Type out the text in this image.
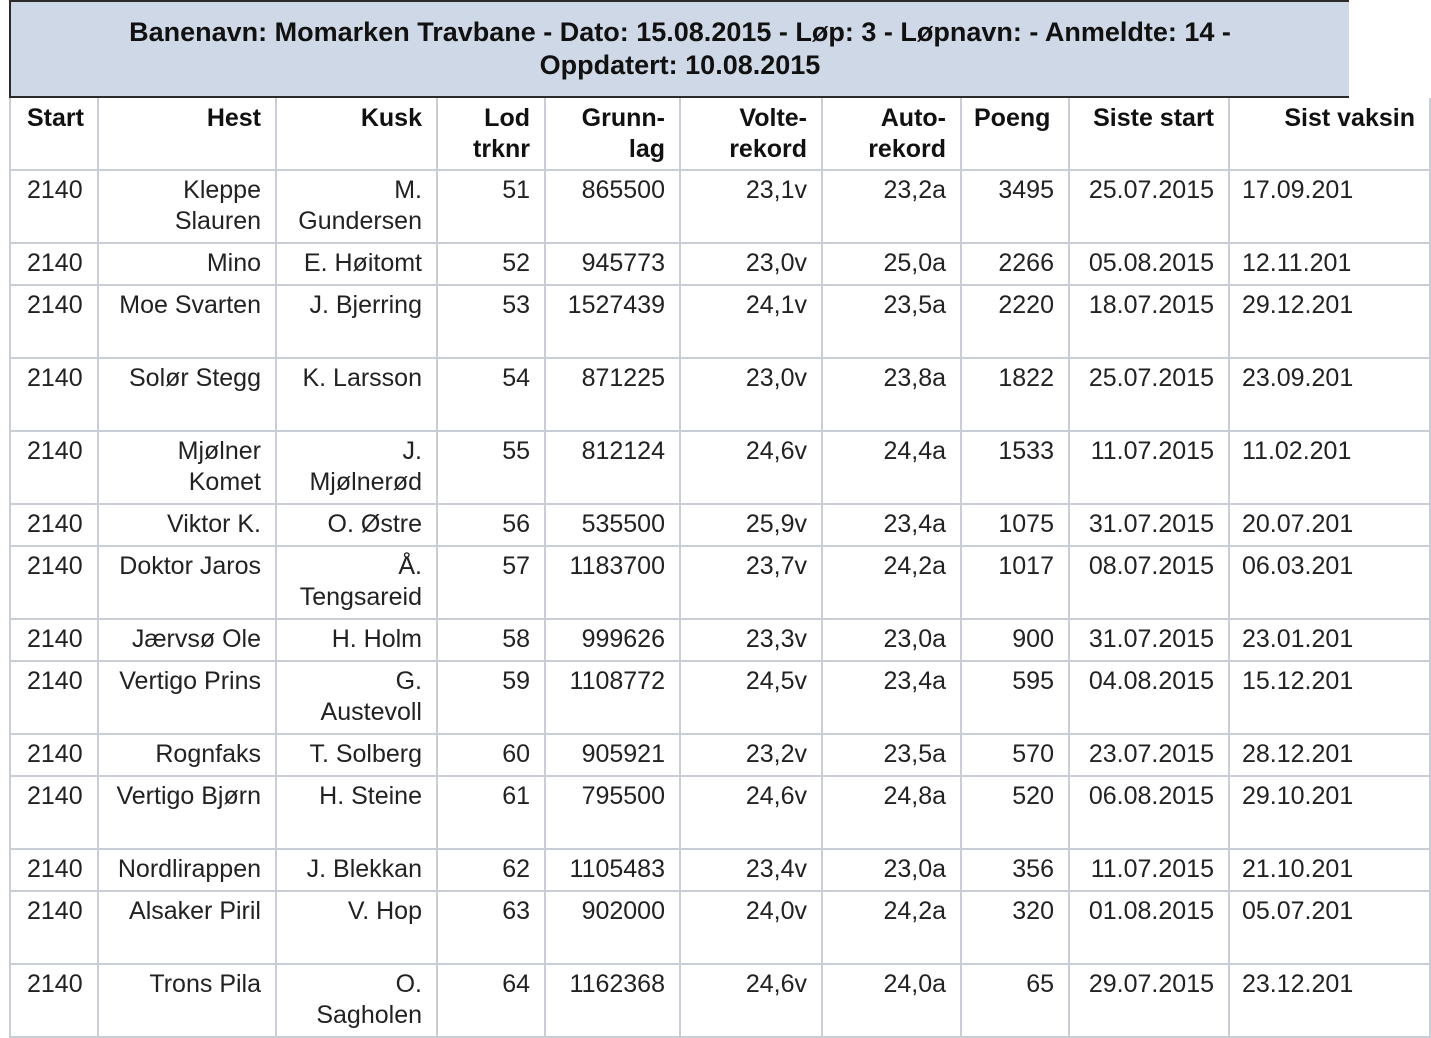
Banenavn: Momarken Travbane - Dato: 15.08.2015 - Løp: 3 - Løpnavn: - Anmeldte: 14 - Oppdatert: 10.08.2015
Start	Hest	Kusk	Lod trknr	Grunn-lag	Volte-rekord	Auto-rekord	Poeng	Siste start	Sist vaksin
2140	Kleppe Slauren	M. Gundersen	51	865500	23,1v	23,2a	3495	25.07.2015	17.09.201
2140	Mino	E. Høitomt	52	945773	23,0v	25,0a	2266	05.08.2015	12.11.201
2140	Moe Svarten	J. Bjerring	53	1527439	24,1v	23,5a	2220	18.07.2015	29.12.201
2140	Solør Stegg	K. Larsson	54	871225	23,0v	23,8a	1822	25.07.2015	23.09.201
2140	Mjølner Komet	J. Mjølnerød	55	812124	24,6v	24,4a	1533	11.07.2015	11.02.201
2140	Viktor K.	O. Østre	56	535500	25,9v	23,4a	1075	31.07.2015	20.07.201
2140	Doktor Jaros	Å. Tengsareid	57	1183700	23,7v	24,2a	1017	08.07.2015	06.03.201
2140	Jærvsø Ole	H. Holm	58	999626	23,3v	23,0a	900	31.07.2015	23.01.201
2140	Vertigo Prins	G. Austevoll	59	1108772	24,5v	23,4a	595	04.08.2015	15.12.201
2140	Rognfaks	T. Solberg	60	905921	23,2v	23,5a	570	23.07.2015	28.12.201
2140	Vertigo Bjørn	H. Steine	61	795500	24,6v	24,8a	520	06.08.2015	29.10.201
2140	Nordlirappen	J. Blekkan	62	1105483	23,4v	23,0a	356	11.07.2015	21.10.201
2140	Alsaker Piril	V. Hop	63	902000	24,0v	24,2a	320	01.08.2015	05.07.201
2140	Trons Pila	O. Sagholen	64	1162368	24,6v	24,0a	65	29.07.2015	23.12.201
